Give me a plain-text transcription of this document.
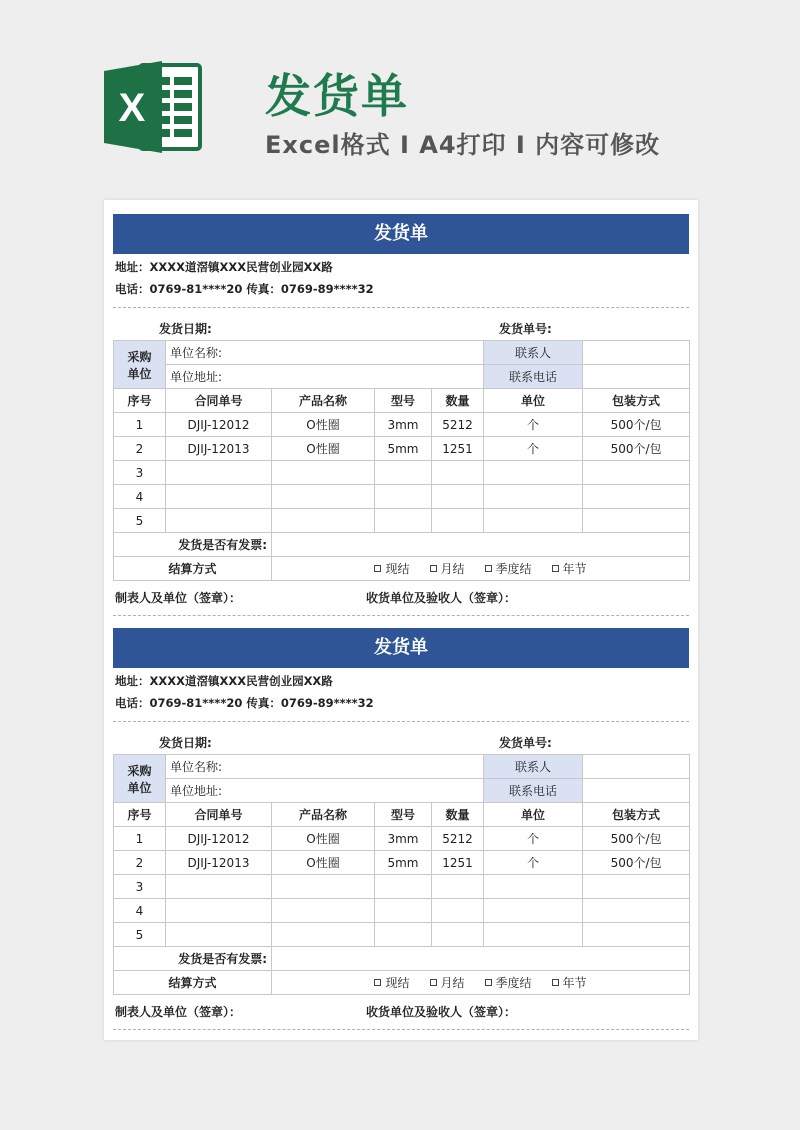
X	发货单
Excel格式 I A4打印 I 内容可修改
发货单
地址：XXXX道滘镇XXX民营创业园XX路
电话：0769-81****20 传真：0769-89****32
发货日期:	发货单号:
采购
单位	单位名称:				联系人	
	单位地址:				联系电话	
序号	合同单号	产品名称	型号	数量	单位	包装方式
1	DJIJ-12012	O性圈	3mm	5212	个	500个/包
2	DJIJ-12013	O性圈	5mm	1251	个	500个/包
3						
4						
5						
发货是否有发票:						
结算方式		现结 月结 季度结 年节				
制表人及单位（签章）：	收货单位及验收人（签章）：
发货单
地址：XXXX道滘镇XXX民营创业园XX路
电话：0769-81****20 传真：0769-89****32
发货日期:	发货单号:
采购
单位	单位名称:				联系人	
	单位地址:				联系电话	
序号	合同单号	产品名称	型号	数量	单位	包装方式
1	DJIJ-12012	O性圈	3mm	5212	个	500个/包
2	DJIJ-12013	O性圈	5mm	1251	个	500个/包
3						
4						
5						
发货是否有发票:						
结算方式		现结 月结 季度结 年节				
制表人及单位（签章）：	收货单位及验收人（签章）：
